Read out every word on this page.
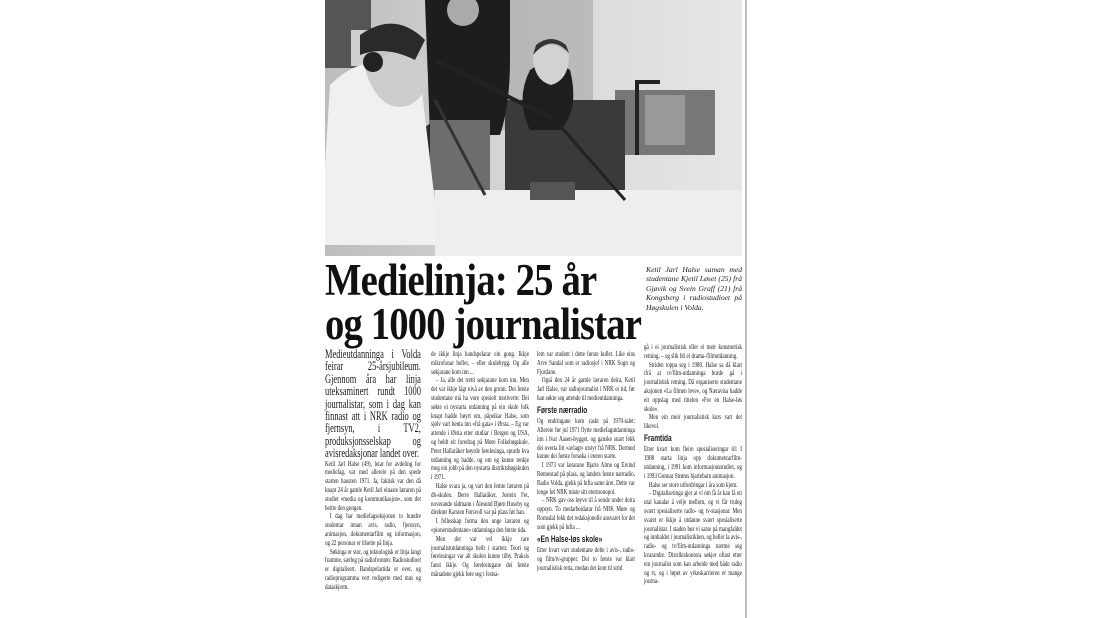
Medielinja: 25 år
og 1000 journalistar
Ketil Jarl Halse saman med studentane Kjetil Løset (25) frå Gjøvik og Svein Graff (21) frå Kongsberg i radiostudioet på Høgskulen i Volda.

Medieutdanninga i Volda feirar 25-årsjubileum. Gjennom åra har linja uteksaminert rundt 1000 journalistar, som i dag kan finnast att i NRK radio og fjernsyn, i TV2, produksjonsselskap og avisredaksjonar landet over.

Ketil Jarl Halse (49), leiar for avdeling for mediefag, var med allereie på den spede starten hausten 1971. Ja, faktisk var den då knapt 24 år gamle Ketil Jarl einaste læraren på studiet «media og kommunikasjon», som det heitte den gongen.

I dag har mediefagseksjonen to hundre studentar innan avis, radio, fjernsyn, animasjon, dokumentarfilm og informasjon, og 22 personar er tilsette på linja.

Søkinga er stor, og teknologisk er linja langt framme, særleg på radiofronten: Radiostudioet er digitalisert. Bandspelartida er over, og radioprogramma vert redigerte med mus og dataskjerm.

de ikkje linja bandspelarar ein gong. Ikkje mikrofonar heller, – eller skulebygg. Og alle søkjarane kom inn ...

– Ja, alle dei tretti søkjarane kom inn. Men det var ikkje lågt nivå av den grunn. Dei første studentane må ha vore spesielt motiverte: Dei søkte ei nystarta utdanning på ein skule folk knapt hadde høyrt om, påpeikar Halse, som sjølv vart henta inn «frå gata» i Ørsta. – Eg var attende i Ørsta etter studiar i Bergen og USA, og heldt eit foredrag på Møre Folkehøgskule. Peter Hallaråker høyrde førelesinga, spurde kva utdanning eg hadde, og om eg kunne tenkje meg ein jobb på den nystarta distriktshøgskulen i 1971.

Halse svara ja, og vart den femte læraren på dh-skulen. Berre Hallaråker, Jostein Fet, noverande rådmann i Ålesund Bjørn Huseby og direktør Karsten Førsvoll var på plass før han.

I fellesskap forma den unge læraren og «pionerstudentane» utdanninga den første tida.

Men det var vel ikkje rare journalistutdanninga heilt i starten: Teori og førelesingar var alt skulen kunne tilby. Praksis fanst ikkje. Og førelesingane dei første månadene gjekk føre seg i festsa-

lem var student i dette første kullet. Like eins Arve Sandal som er radiosjef i NRK Sogn og Fjordane.

Også den 24 år gamle læraren deira, Ketil Jarl Halse, var radiojournalist i NRK ei tid, før han søkte seg attende til medieutdanninga.

Første nærradio

Og endringane kom raskt på 1970-talet: Allereie før jul 1971 flytte mediefagutdanninga inn i Ivar Aasen-bygget, og ganske snart fekk dei overta litt «avlagt» utstyr frå NRK. Dermed kunne dei første forsøka i eteren starte.

I 1973 var lærarane Bjarte Alme og Eivind Rønnestad på plass, og landets første nærradio, Radio Volda, gjekk på lufta same året. Dette var lenge før NRK miste sitt etermonopol.

– NRK gav oss løyve til å sende under deira oppsyn. To medarbeidarar frå NRK Møre og Romsdal fekk det redaksjonelle ansvaret for det som gjekk på lufta ...

«En Halse-løs skole»

Etter kvart vart studentane delte i avis-, radio- og film/tv-grupper. Dei to første var klart journalistisk retta, medan det kom til strid

gå i ei journalistisk eller ei meir kunstnerisk retning, – og slik bli ei drama-/filmutdanning.

Striden toppa seg i 1980. Halse sa då klart ifrå at tv/film-utdanninga burde gå i journalistisk retning. Då organiserte studentane aksjonen «La filmen leve», og Næravisa hadde eit oppslag med tittelen «For en Halse-løs skole».

Men ein meir journalistisk kurs vart det likevel.

Framtida

Etter kvart kom fleire spesialiseringar til: I 1988 starta linja opp dokumentarfilm-utdanning, i 1991 kom informasjonsstudiet, og i 1993 Gunnar Strøms hjartebarn animasjon.

Halse ser store utfordringar i åra som kjem.

– Digitaliseringa gjer at vi om få år kan få eit utal kanalar å velje mellom, og vi får truleg svært spesialiserte radio- og tv-stasjonar. Men svaret er ikkje å utdanne svært spesialiserte journalistar. I staden bør vi satse på mangfaldet og innhaldet i journalistikken, og heller la avis-, radio- og tv/film-utdanninga nærme seg kvarandre. Distriktskontora søkjer oftast etter ein journalist som kan arbeide med både radio og tv, og i løpet av yrkeskarrieren er mange journa-
